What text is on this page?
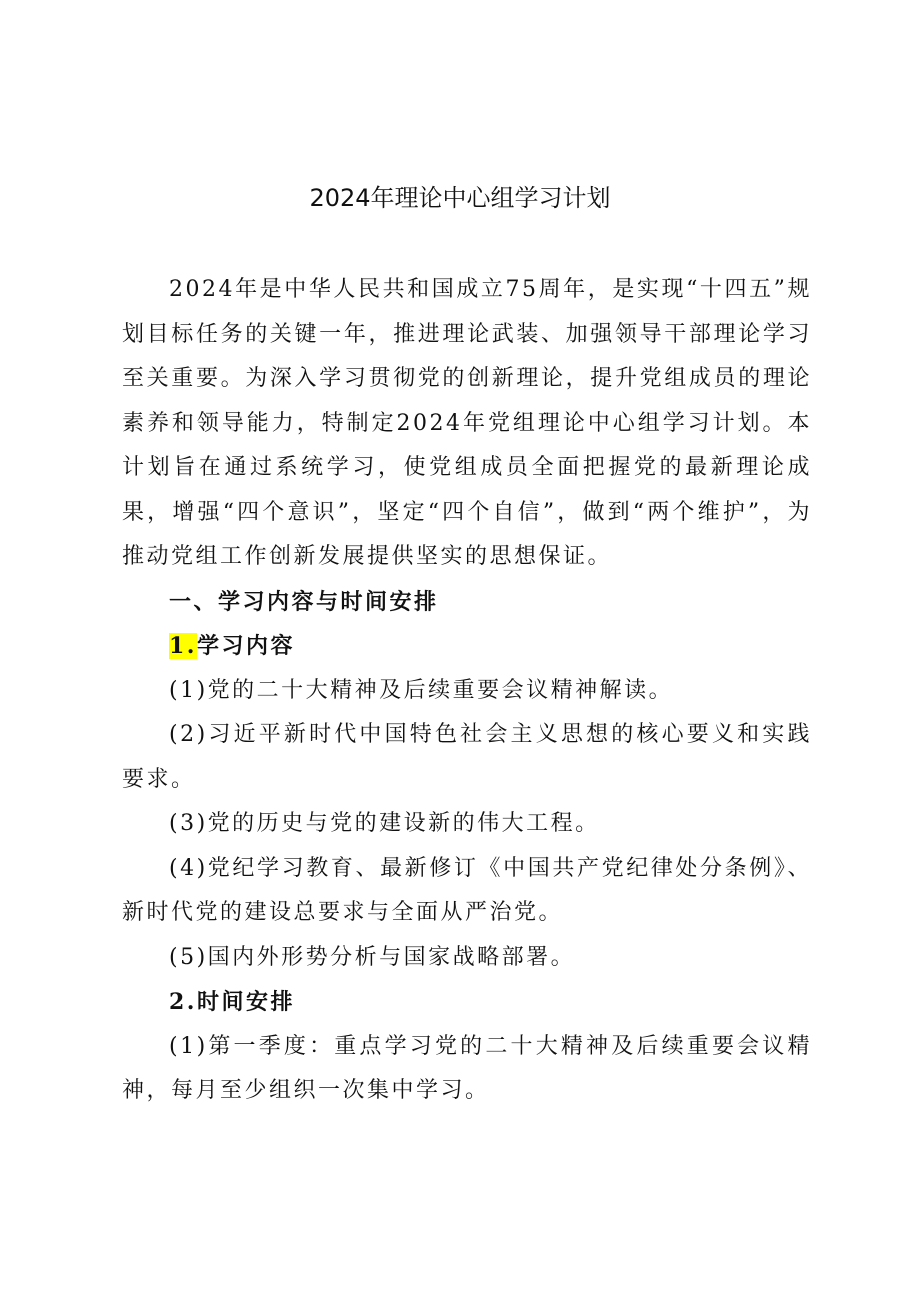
2024年理论中心组学习计划

2024年是中华人民共和国成立75周年，是实现“十四五”规划目标任务的关键一年，推进理论武装、加强领导干部理论学习至关重要。为深入学习贯彻党的创新理论，提升党组成员的理论素养和领导能力，特制定2024年党组理论中心组学习计划。本计划旨在通过系统学习，使党组成员全面把握党的最新理论成果，增强“四个意识”，坚定“四个自信”，做到“两个维护”，为推动党组工作创新发展提供坚实的思想保证。

一、学习内容与时间安排

1.学习内容

(1)党的二十大精神及后续重要会议精神解读。

(2)习近平新时代中国特色社会主义思想的核心要义和实践要求。

(3)党的历史与党的建设新的伟大工程。

(4)党纪学习教育、最新修订《中国共产党纪律处分条例》、新时代党的建设总要求与全面从严治党。

(5)国内外形势分析与国家战略部署。

2.时间安排

(1)第一季度：重点学习党的二十大精神及后续重要会议精神，每月至少组织一次集中学习。
